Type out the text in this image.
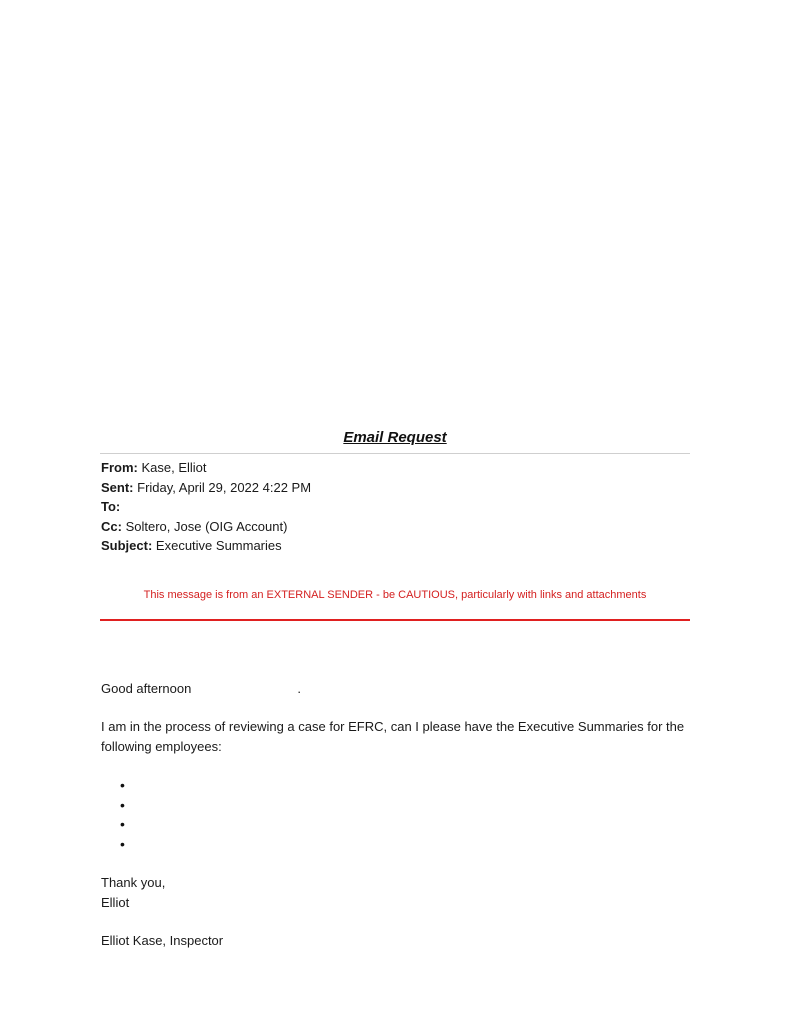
Email Request
From: Kase, Elliot
Sent: Friday, April 29, 2022 4:22 PM
To:
Cc: Soltero, Jose (OIG Account)
Subject: Executive Summaries

This message is from an EXTERNAL SENDER - be CAUTIOUS, particularly with links and attachments

Good afternoon	.

I am in the process of reviewing a case for EFRC, can I please have the Executive Summaries for the following employees:

•
•
•
•
Thank you,
Elliot

Elliot Kase, Inspector
